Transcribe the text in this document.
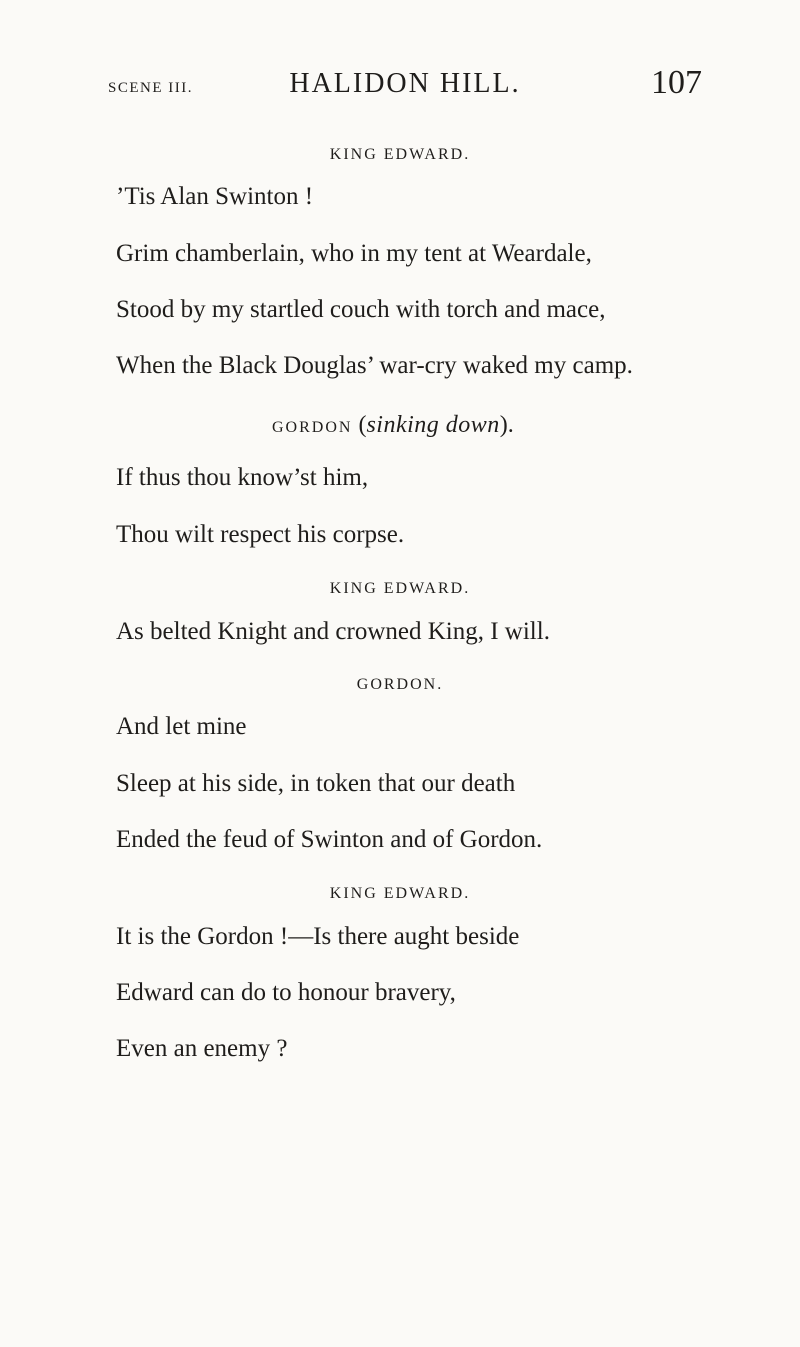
SCENE III.	HALIDON HILL.	107
KING EDWARD.
’Tis Alan Swinton !
Grim chamberlain, who in my tent at Weardale,
Stood by my startled couch with torch and mace,
When the Black Douglas’ war-cry waked my camp.
GORDON (sinking down).
If thus thou know’st him,
Thou wilt respect his corpse.
KING EDWARD.
As belted Knight and crowned King, I will.
GORDON.
And let mine
Sleep at his side, in token that our death
Ended the feud of Swinton and of Gordon.
KING EDWARD.
It is the Gordon !—Is there aught beside
Edward can do to honour bravery,
Even an enemy ?
